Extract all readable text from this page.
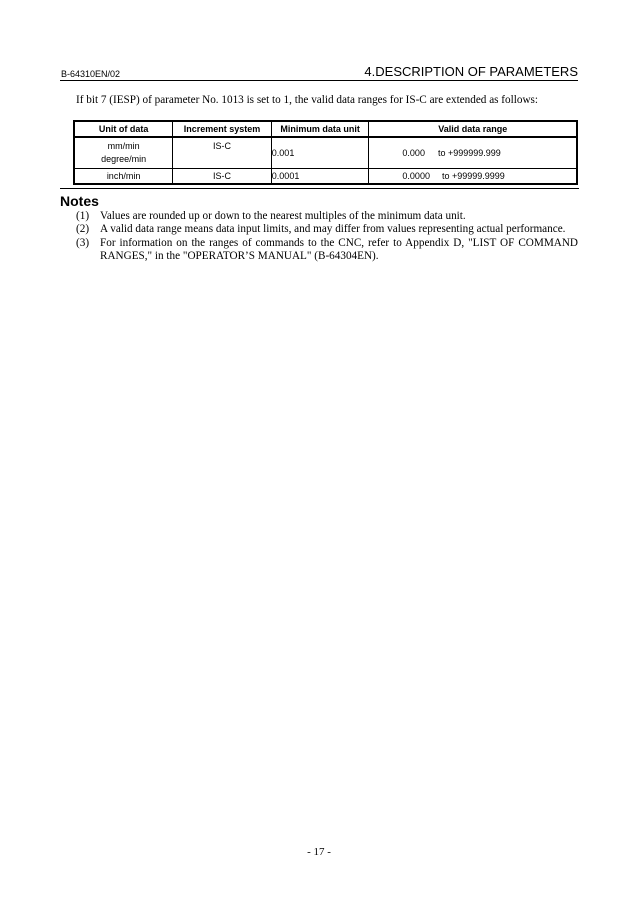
B-64310EN/02	4.DESCRIPTION OF PARAMETERS
If bit 7 (IESP) of parameter No. 1013 is set to 1, the valid data ranges for IS-C are extended as follows:
Unit of data	Increment system	Minimum data unit	Valid data range

mm/min
degree/min	IS-C	0.001	0.000 to +999999.999
inch/min	IS-C	0.0001	0.0000 to +99999.9999
Notes
(1) Values are rounded up or down to the nearest multiples of the minimum data unit.
(2) A valid data range means data input limits, and may differ from values representing actual performance.
(3) For information on the ranges of commands to the CNC, refer to Appendix D, "LIST OF COMMAND RANGES," in the "OPERATOR’S MANUAL" (B-64304EN).
- 17 -
